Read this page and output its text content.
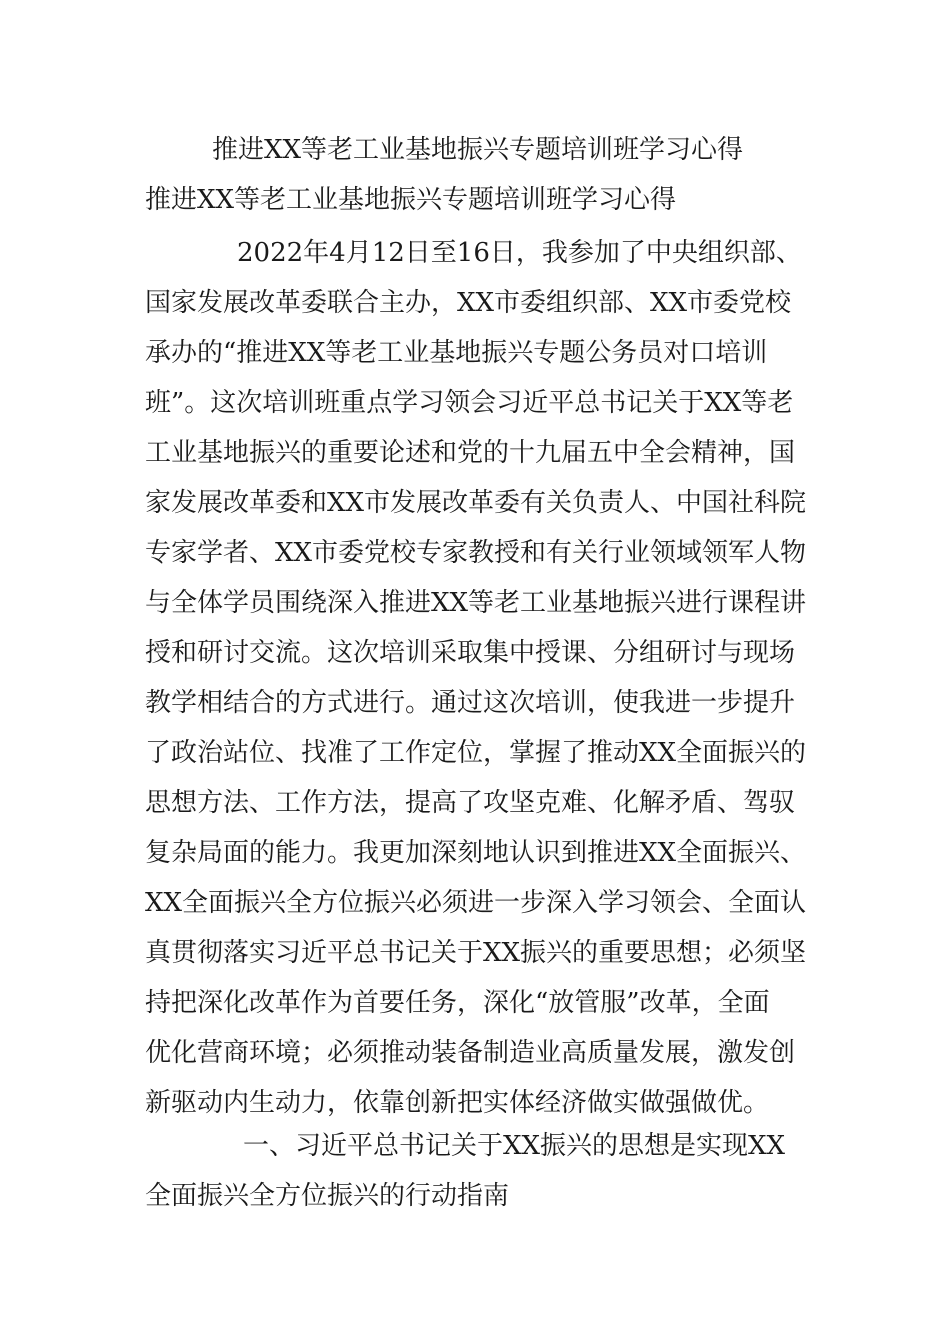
推进XX等老工业基地振兴专题培训班学习心得
推进XX等老工业基地振兴专题培训班学习心得
2022年4月12日至16日，我参加了中央组织部、
国家发展改革委联合主办，XX市委组织部、XX市委党校
承办的“推进XX等老工业基地振兴专题公务员对口培训
班”。这次培训班重点学习领会习近平总书记关于XX等老
工业基地振兴的重要论述和党的十九届五中全会精神，国
家发展改革委和XX市发展改革委有关负责人、中国社科院
专家学者、XX市委党校专家教授和有关行业领域领军人物
与全体学员围绕深入推进XX等老工业基地振兴进行课程讲
授和研讨交流。这次培训采取集中授课、分组研讨与现场
教学相结合的方式进行。通过这次培训，使我进一步提升
了政治站位、找准了工作定位，掌握了推动XX全面振兴的
思想方法、工作方法，提高了攻坚克难、化解矛盾、驾驭
复杂局面的能力。我更加深刻地认识到推进XX全面振兴、
XX全面振兴全方位振兴必须进一步深入学习领会、全面认
真贯彻落实习近平总书记关于XX振兴的重要思想；必须坚
持把深化改革作为首要任务，深化“放管服”改革，全面
优化营商环境；必须推动装备制造业高质量发展，激发创
新驱动内生动力，依靠创新把实体经济做实做强做优。
一、习近平总书记关于XX振兴的思想是实现XX
全面振兴全方位振兴的行动指南
